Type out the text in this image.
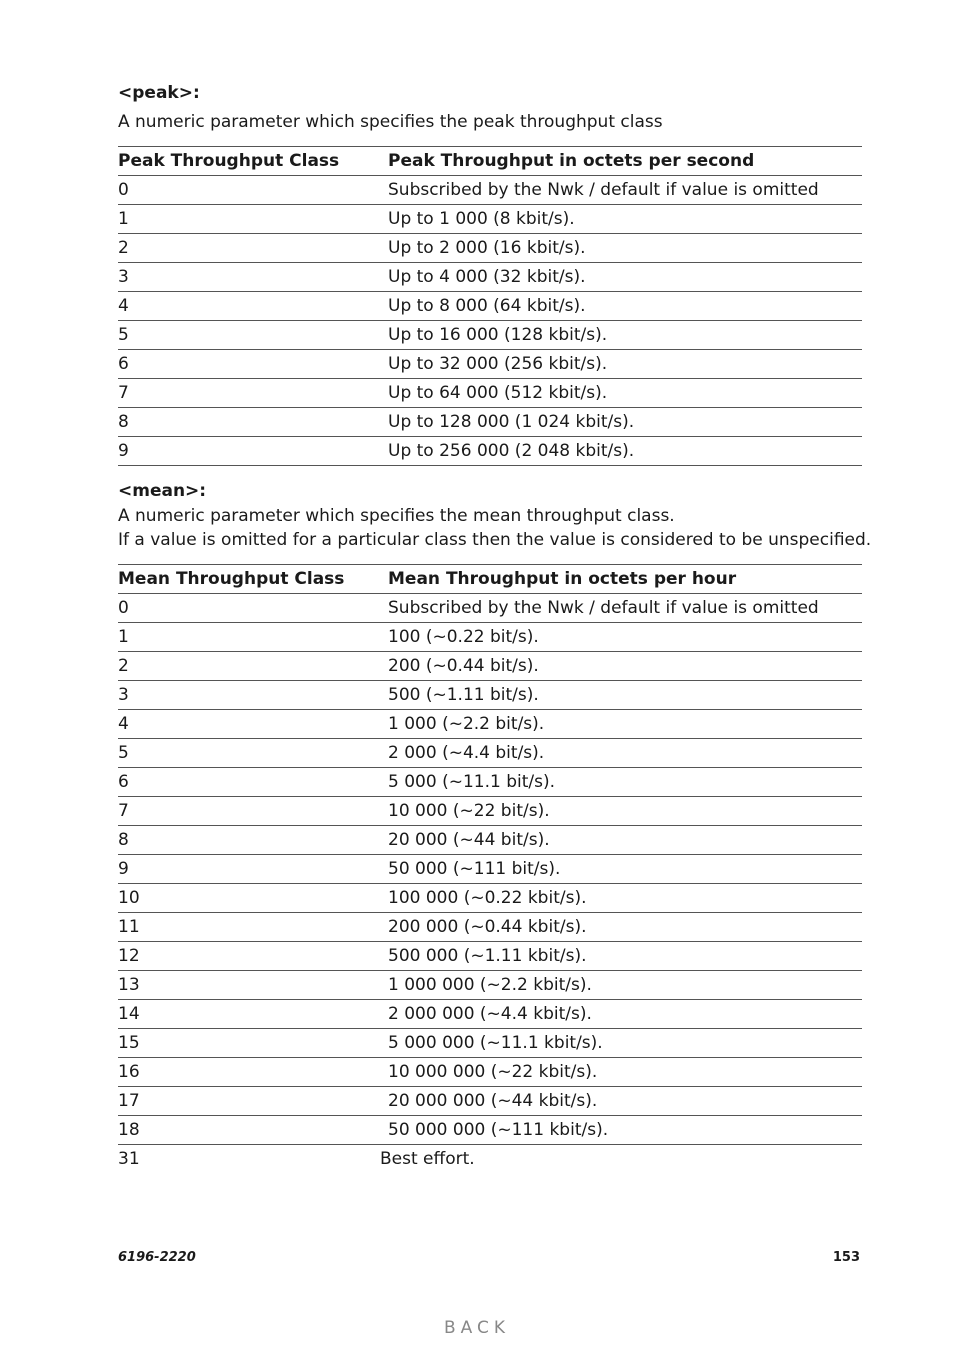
<peak>:
A numeric parameter which specifies the peak throughput class
Peak Throughput Class	Peak Throughput in octets per second
0	Subscribed by the Nwk / default if value is omitted
1	Up to 1 000 (8 kbit/s).
2	Up to 2 000 (16 kbit/s).
3	Up to 4 000 (32 kbit/s).
4	Up to 8 000 (64 kbit/s).
5	Up to 16 000 (128 kbit/s).
6	Up to 32 000 (256 kbit/s).
7	Up to 64 000 (512 kbit/s).
8	Up to 128 000 (1 024 kbit/s).
9	Up to 256 000 (2 048 kbit/s).
<mean>:
A numeric parameter which specifies the mean throughput class.
If a value is omitted for a particular class then the value is considered to be unspecified.
Mean Throughput Class	Mean Throughput in octets per hour
0	Subscribed by the Nwk / default if value is omitted
1	100 (~0.22 bit/s).
2	200 (~0.44 bit/s).
3	500 (~1.11 bit/s).
4	1 000 (~2.2 bit/s).
5	2 000 (~4.4 bit/s).
6	5 000 (~11.1 bit/s).
7	10 000 (~22 bit/s).
8	20 000 (~44 bit/s).
9	50 000 (~111 bit/s).
10	100 000 (~0.22 kbit/s).
11	200 000 (~0.44 kbit/s).
12	500 000 (~1.11 kbit/s).
13	1 000 000 (~2.2 kbit/s).
14	2 000 000 (~4.4 kbit/s).
15	5 000 000 (~11.1 kbit/s).
16	10 000 000 (~22 kbit/s).
17	20 000 000 (~44 kbit/s).
18	50 000 000 (~111 kbit/s).
31	Best effort.
6196-2220	153
BACK
